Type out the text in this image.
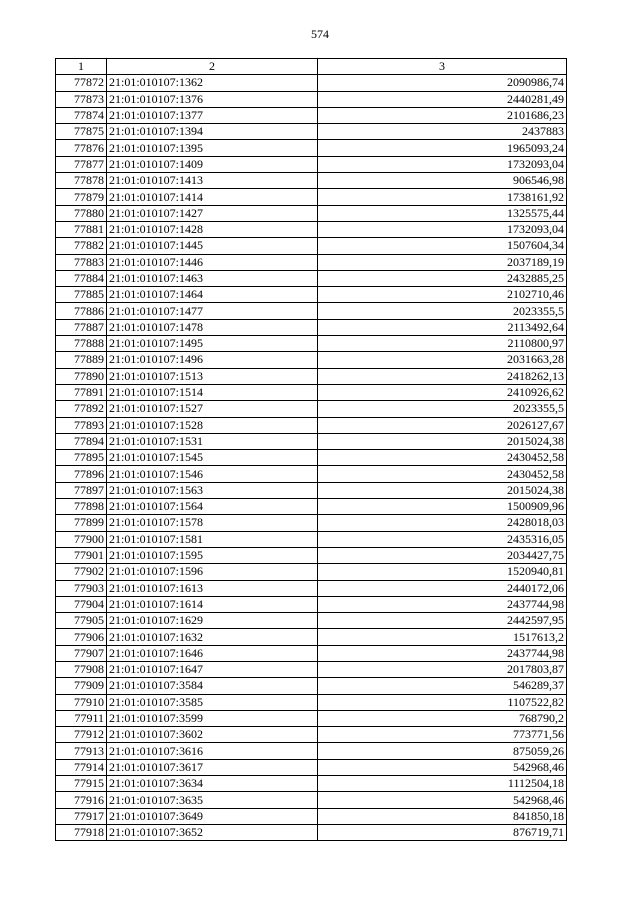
574
1	2	3
77872	21:01:010107:1362	2090986,74
77873	21:01:010107:1376	2440281,49
77874	21:01:010107:1377	2101686,23
77875	21:01:010107:1394	2437883
77876	21:01:010107:1395	1965093,24
77877	21:01:010107:1409	1732093,04
77878	21:01:010107:1413	906546,98
77879	21:01:010107:1414	1738161,92
77880	21:01:010107:1427	1325575,44
77881	21:01:010107:1428	1732093,04
77882	21:01:010107:1445	1507604,34
77883	21:01:010107:1446	2037189,19
77884	21:01:010107:1463	2432885,25
77885	21:01:010107:1464	2102710,46
77886	21:01:010107:1477	2023355,5
77887	21:01:010107:1478	2113492,64
77888	21:01:010107:1495	2110800,97
77889	21:01:010107:1496	2031663,28
77890	21:01:010107:1513	2418262,13
77891	21:01:010107:1514	2410926,62
77892	21:01:010107:1527	2023355,5
77893	21:01:010107:1528	2026127,67
77894	21:01:010107:1531	2015024,38
77895	21:01:010107:1545	2430452,58
77896	21:01:010107:1546	2430452,58
77897	21:01:010107:1563	2015024,38
77898	21:01:010107:1564	1500909,96
77899	21:01:010107:1578	2428018,03
77900	21:01:010107:1581	2435316,05
77901	21:01:010107:1595	2034427,75
77902	21:01:010107:1596	1520940,81
77903	21:01:010107:1613	2440172,06
77904	21:01:010107:1614	2437744,98
77905	21:01:010107:1629	2442597,95
77906	21:01:010107:1632	1517613,2
77907	21:01:010107:1646	2437744,98
77908	21:01:010107:1647	2017803,87
77909	21:01:010107:3584	546289,37
77910	21:01:010107:3585	1107522,82
77911	21:01:010107:3599	768790,2
77912	21:01:010107:3602	773771,56
77913	21:01:010107:3616	875059,26
77914	21:01:010107:3617	542968,46
77915	21:01:010107:3634	1112504,18
77916	21:01:010107:3635	542968,46
77917	21:01:010107:3649	841850,18
77918	21:01:010107:3652	876719,71
